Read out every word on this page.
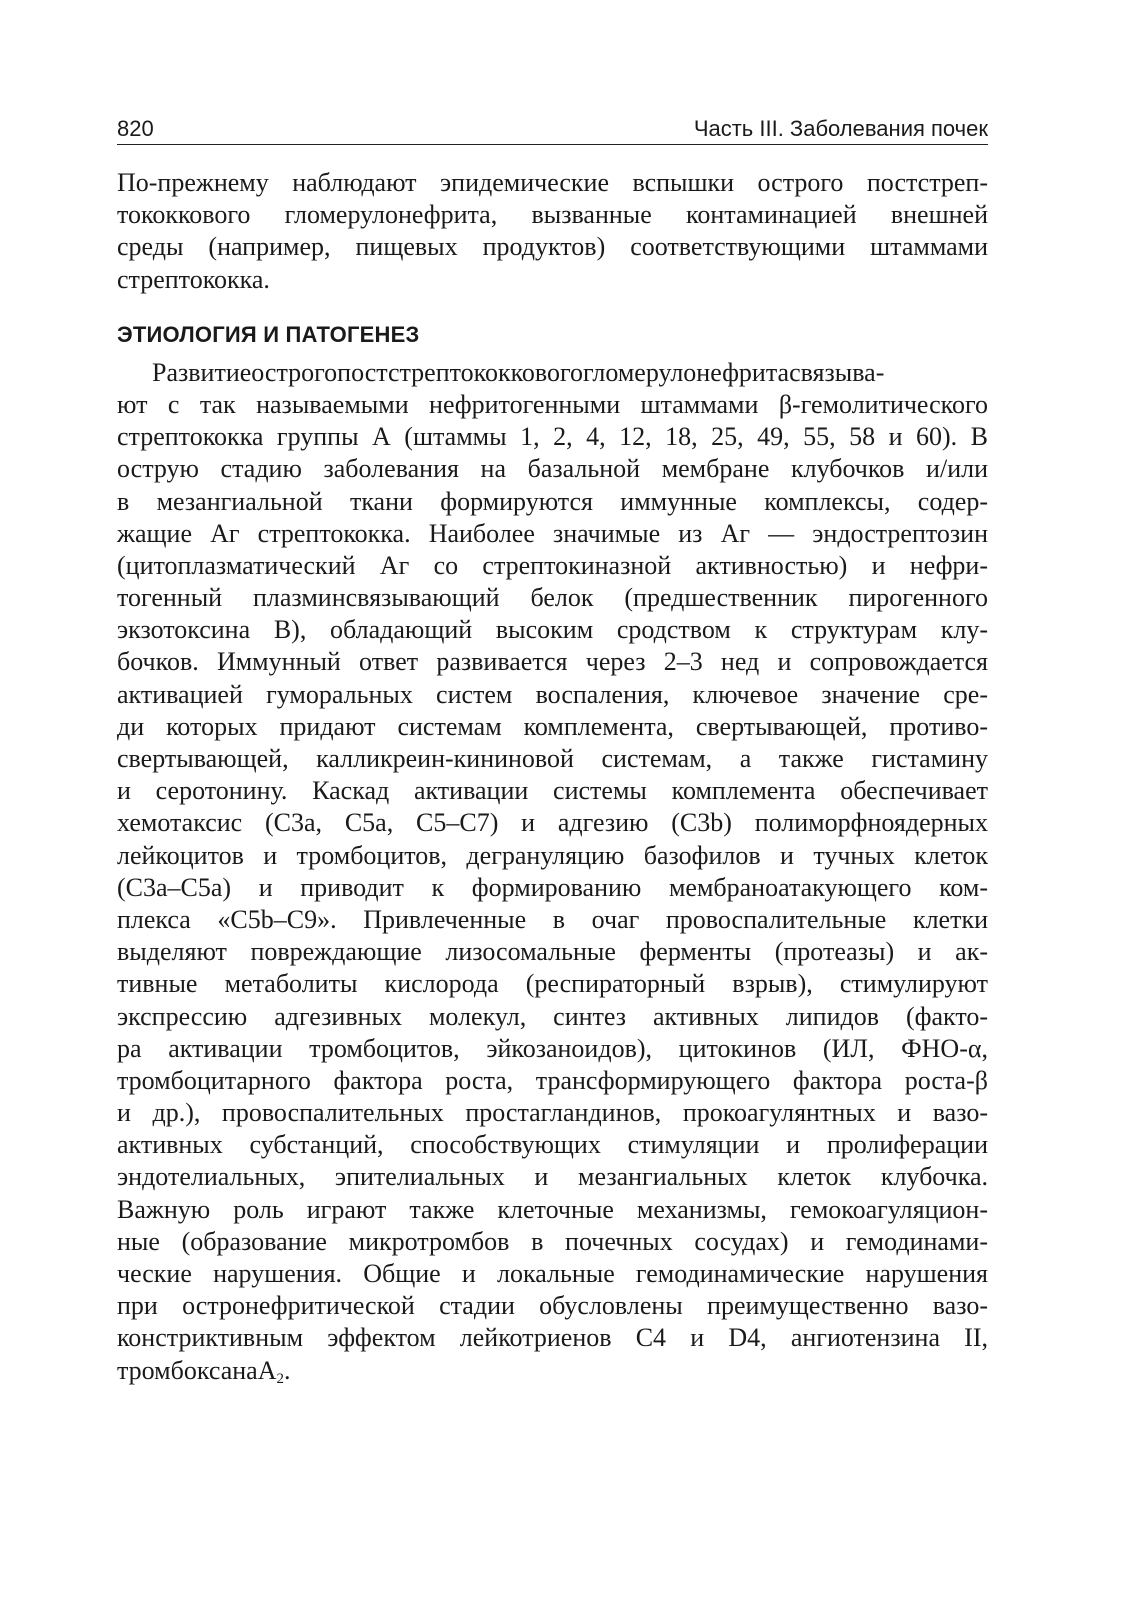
820	Часть III. Заболевания почек
По-прежнему наблюдают эпидемические вспышки острого постстреп-
тококкового гломерулонефрита, вызванные контаминацией внешней
среды (например, пищевых продуктов) соответствующими штаммами
стрептококка.
ЭТИОЛОГИЯ И ПАТОГЕНЕЗ
Развитиеострогопостстрептококковогогломерулонефритасвязыва-
ют с так называемыми нефритогенными штаммами β-гемолитического
стрептококка группы А (штаммы 1, 2, 4, 12, 18, 25, 49, 55, 58 и 60). В
острую стадию заболевания на базальной мембране клубочков и/или
в мезангиальной ткани формируются иммунные комплексы, содер-
жащие Аг стрептококка. Наиболее значимые из Аг — эндострептозин
(цитоплазматический Аг со стрептокиназной активностью) и нефри-
тогенный плазминсвязывающий белок (предшественник пирогенного
экзотоксина В), обладающий высоким сродством к структурам клу-
бочков. Иммунный ответ развивается через 2–3 нед и сопровождается
активацией гуморальных систем воспаления, ключевое значение сре-
ди которых придают системам комплемента, свертывающей, противо-
свертывающей, калликреин-кининовой системам, а также гистамину
и серотонину. Каскад активации системы комплемента обеспечивает
хемотаксис (С3а, С5а, С5–С7) и адгезию (С3b) полиморфноядерных
лейкоцитов и тромбоцитов, дегрануляцию базофилов и тучных клеток
(С3а–С5а) и приводит к формированию мембраноатакующего ком-
плекса «С5b–С9». Привлеченные в очаг провоспалительные клетки
выделяют повреждающие лизосомальные ферменты (протеазы) и ак-
тивные метаболиты кислорода (респираторный взрыв), стимулируют
экспрессию адгезивных молекул, синтез активных липидов (факто-
ра активации тромбоцитов, эйкозаноидов), цитокинов (ИЛ, ФНО-α,
тромбоцитарного фактора роста, трансформирующего фактора роста-β
и др.), провоспалительных простагландинов, прокоагулянтных и вазо-
активных субстанций, способствующих стимуляции и пролиферации
эндотелиальных, эпителиальных и мезангиальных клеток клубочка.
Важную роль играют также клеточные механизмы, гемокоагуляцион-
ные (образование микротромбов в почечных сосудах) и гемодинами-
ческие нарушения. Общие и локальные гемодинамические нарушения
при остронефритической стадии обусловлены преимущественно вазо-
констриктивным эффектом лейкотриенов С4 и D4, ангиотензина II,
тромбоксанаA$_2$.
